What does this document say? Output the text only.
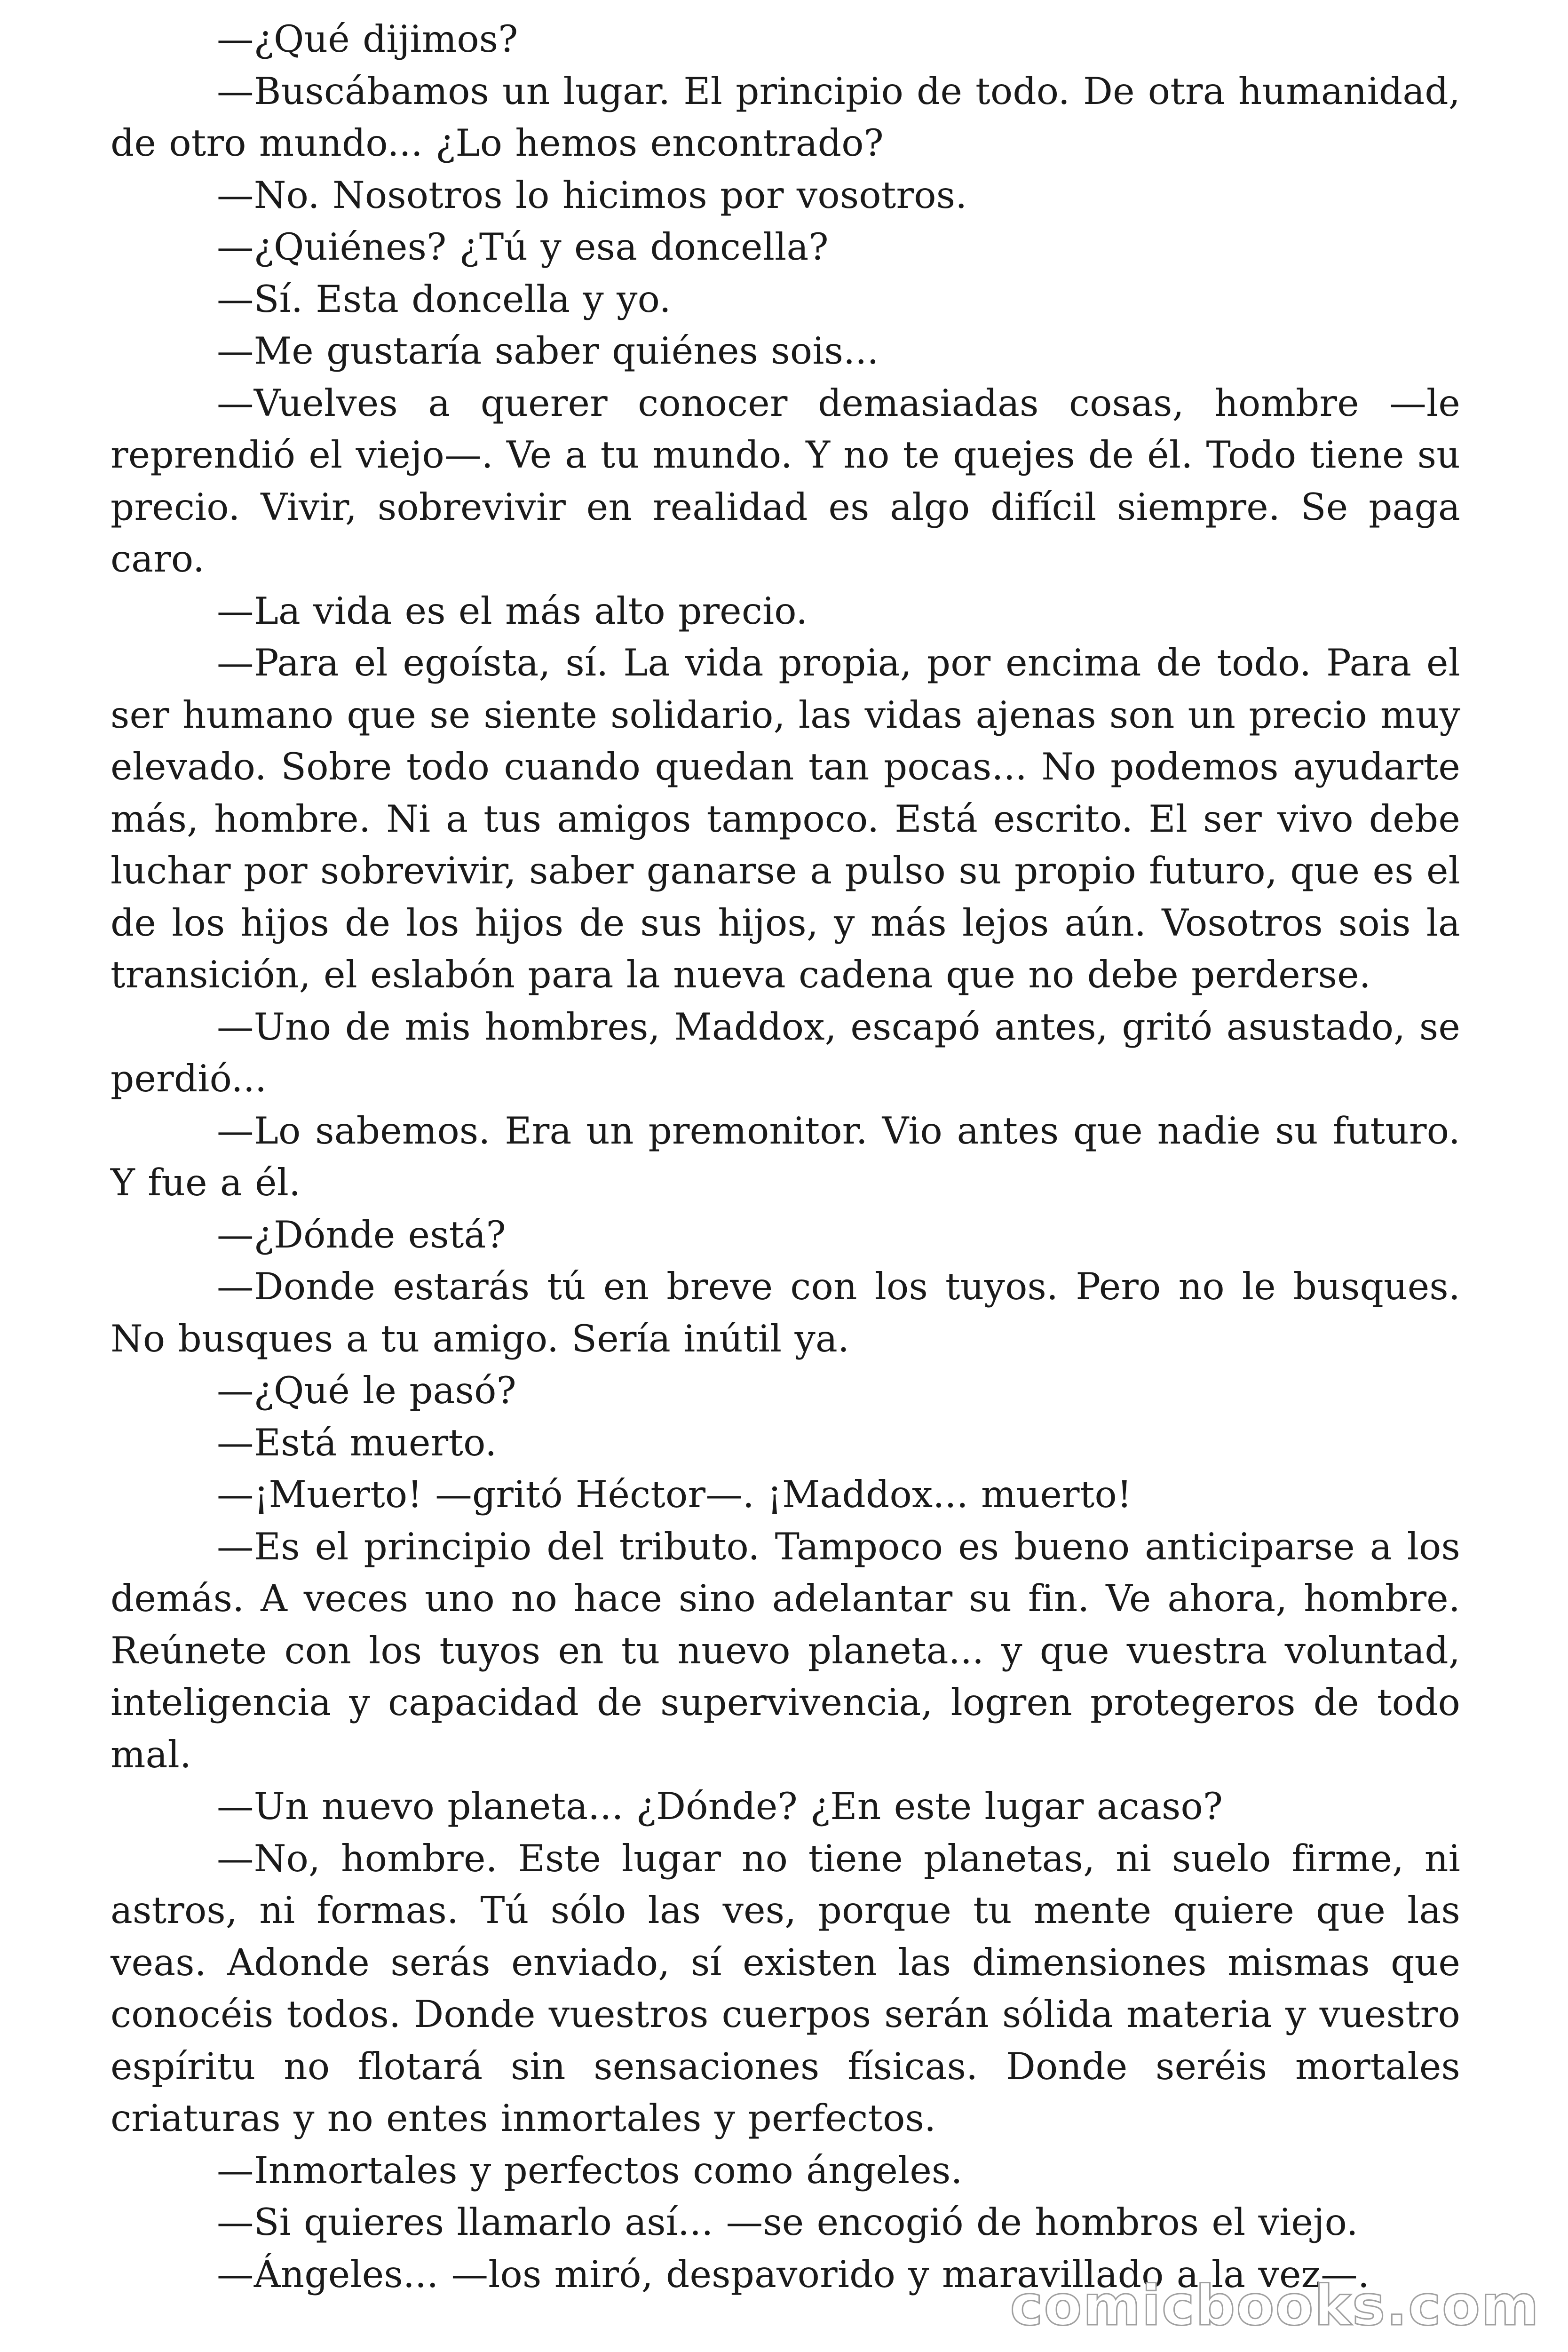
—¿Qué dijimos?

—Buscábamos un lugar. El principio de todo. De otra humanidad, de otro mundo... ¿Lo hemos encontrado?

—No. Nosotros lo hicimos por vosotros.

—¿Quiénes? ¿Tú y esa doncella?

—Sí. Esta doncella y yo.

—Me gustaría saber quiénes sois...

—Vuelves a querer conocer demasiadas cosas, hombre —le reprendió el viejo—. Ve a tu mundo. Y no te quejes de él. Todo tiene su precio. Vivir, sobrevivir en realidad es algo difícil siempre. Se paga caro.

—La vida es el más alto precio.

—Para el egoísta, sí. La vida propia, por encima de todo. Para el ser humano que se siente solidario, las vidas ajenas son un precio muy elevado. Sobre todo cuando quedan tan pocas... No podemos ayudarte más, hombre. Ni a tus amigos tampoco. Está escrito. El ser vivo debe luchar por sobrevivir, saber ganarse a pulso su propio futuro, que es el de los hijos de los hijos de sus hijos, y más lejos aún. Vosotros sois la transición, el eslabón para la nueva cadena que no debe perderse.

—Uno de mis hombres, Maddox, escapó antes, gritó asustado, se perdió...

—Lo sabemos. Era un premonitor. Vio antes que nadie su futuro. Y fue a él.

—¿Dónde está?

—Donde estarás tú en breve con los tuyos. Pero no le busques. No busques a tu amigo. Sería inútil ya.

—¿Qué le pasó?

—Está muerto.

—¡Muerto! —gritó Héctor—. ¡Maddox... muerto!

—Es el principio del tributo. Tampoco es bueno anticiparse a los demás. A veces uno no hace sino adelantar su fin. Ve ahora, hombre. Reúnete con los tuyos en tu nuevo planeta... y que vuestra voluntad, inteligencia y capacidad de supervivencia, logren protegeros de todo mal.

—Un nuevo planeta... ¿Dónde? ¿En este lugar acaso?

—No, hombre. Este lugar no tiene planetas, ni suelo firme, ni astros, ni formas. Tú sólo las ves, porque tu mente quiere que las veas. Adonde serás enviado, sí existen las dimensiones mismas que conocéis todos. Donde vuestros cuerpos serán sólida materia y vuestro espíritu no flotará sin sensaciones físicas. Donde seréis mortales criaturas y no entes inmortales y perfectos.

—Inmortales y perfectos como ángeles.

—Si quieres llamarlo así... —se encogió de hombros el viejo.

—Ángeles... —los miró, despavorido y maravillado a la vez—.

comicbooks.com
